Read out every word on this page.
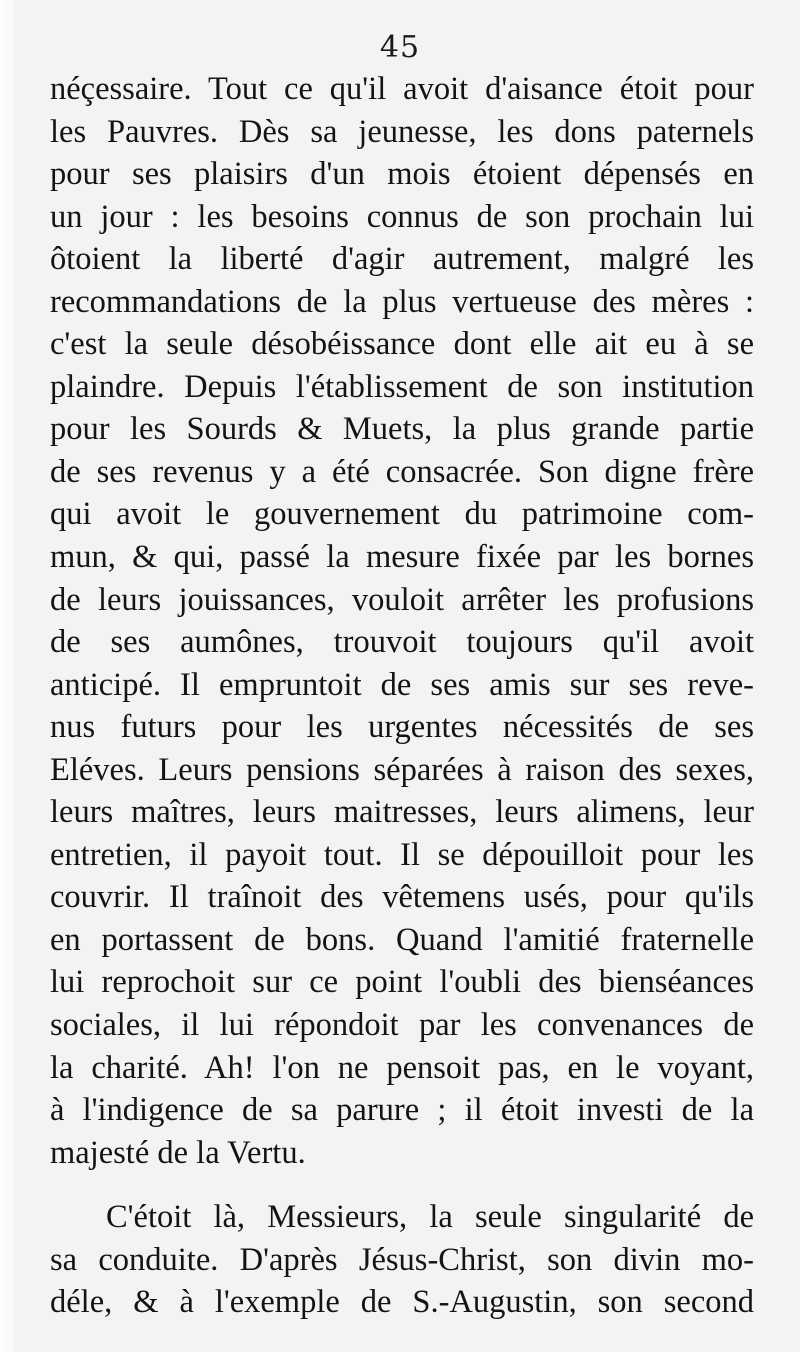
45
néçessaire. Tout ce qu'il avoit d'aisance étoit pour
les Pauvres. Dès sa jeunesse, les dons paternels
pour ses plaisirs d'un mois étoient dépensés en
un jour : les besoins connus de son prochain lui
ôtoient la liberté d'agir autrement, malgré les
recommandations de la plus vertueuse des mères :
c'est la seule désobéissance dont elle ait eu à se
plaindre. Depuis l'établissement de son institution
pour les Sourds & Muets, la plus grande partie
de ses revenus y a été consacrée. Son digne frère
qui avoit le gouvernement du patrimoine com-
mun, & qui, passé la mesure fixée par les bornes
de leurs jouissances, vouloit arrêter les profusions
de ses aumônes, trouvoit toujours qu'il avoit
anticipé. Il empruntoit de ses amis sur ses reve-
nus futurs pour les urgentes nécessités de ses
Eléves. Leurs pensions séparées à raison des sexes,
leurs maîtres, leurs maitresses, leurs alimens, leur
entretien, il payoit tout. Il se dépouilloit pour les
couvrir. Il traînoit des vêtemens usés, pour qu'ils
en portassent de bons. Quand l'amitié fraternelle
lui reprochoit sur ce point l'oubli des bienséances
sociales, il lui répondoit par les convenances de
la charité. Ah! l'on ne pensoit pas, en le voyant,
à l'indigence de sa parure ; il étoit investi de la
majesté de la Vertu.
C'étoit là, Messieurs, la seule singularité de
sa conduite. D'après Jésus-Christ, son divin mo-
déle, & à l'exemple de S.-Augustin, son second
